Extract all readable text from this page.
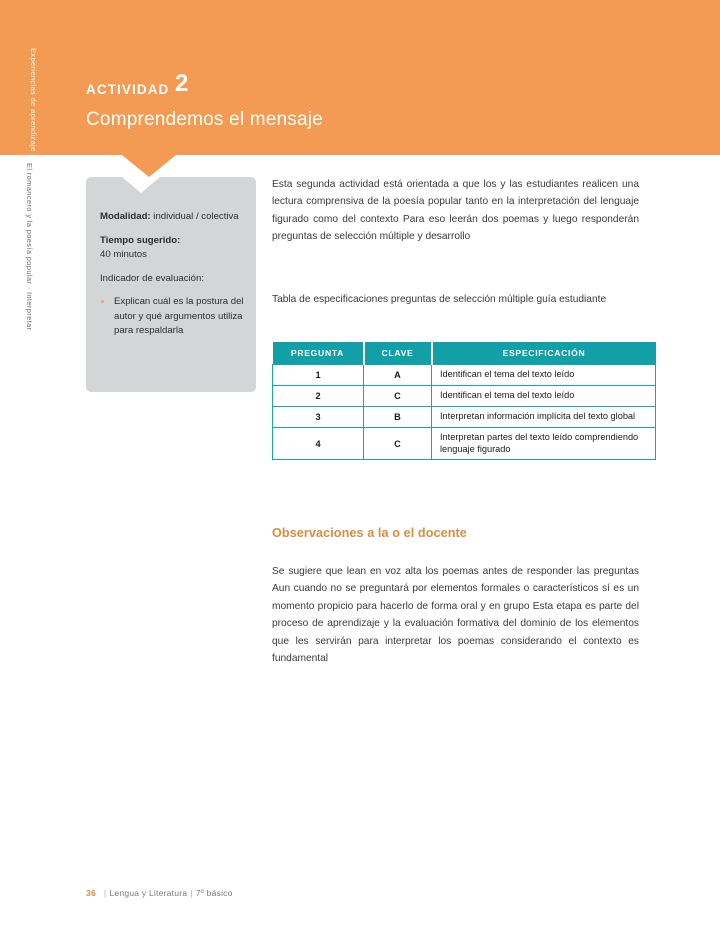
Experiencias de aprendizaje
El romancero y la poesía popular · Interpretar
ACTIVIDAD 2
Comprendemos el mensaje

Modalidad: individual / colectiva

Tiempo sugerido:
40 minutos

Indicador de evaluación:

Explican cuál es la postura del autor y qué argumentos utiliza para respaldarla
Esta segunda actividad está orientada a que los y las estudiantes realicen una lectura comprensiva de la poesía popular tanto en la interpretación del lenguaje figurado como del contexto Para eso leerán dos poemas y luego responderán preguntas de selección múltiple y desarrollo
Tabla de especificaciones preguntas de selección múltiple guía estudiante
PREGUNTA	CLAVE	ESPECIFICACIÓN
1	A	Identifican el tema del texto leído
2	C	Identifican el tema del texto leído
3	B	Interpretan información implícita del texto global
4	C	Interpretan partes del texto leído comprendiendo lenguaje figurado
Observaciones a la o el docente
Se sugiere que lean en voz alta los poemas antes de responder las preguntas Aun cuando no se preguntará por elementos formales o característicos sí es un momento propicio para hacerlo de forma oral y en grupo Esta etapa es parte del proceso de aprendizaje y la evaluación formativa del dominio de los elementos que les servirán para interpretar los poemas considerando el contexto es fundamental
36 | Lengua y Literatura | 7º básico
